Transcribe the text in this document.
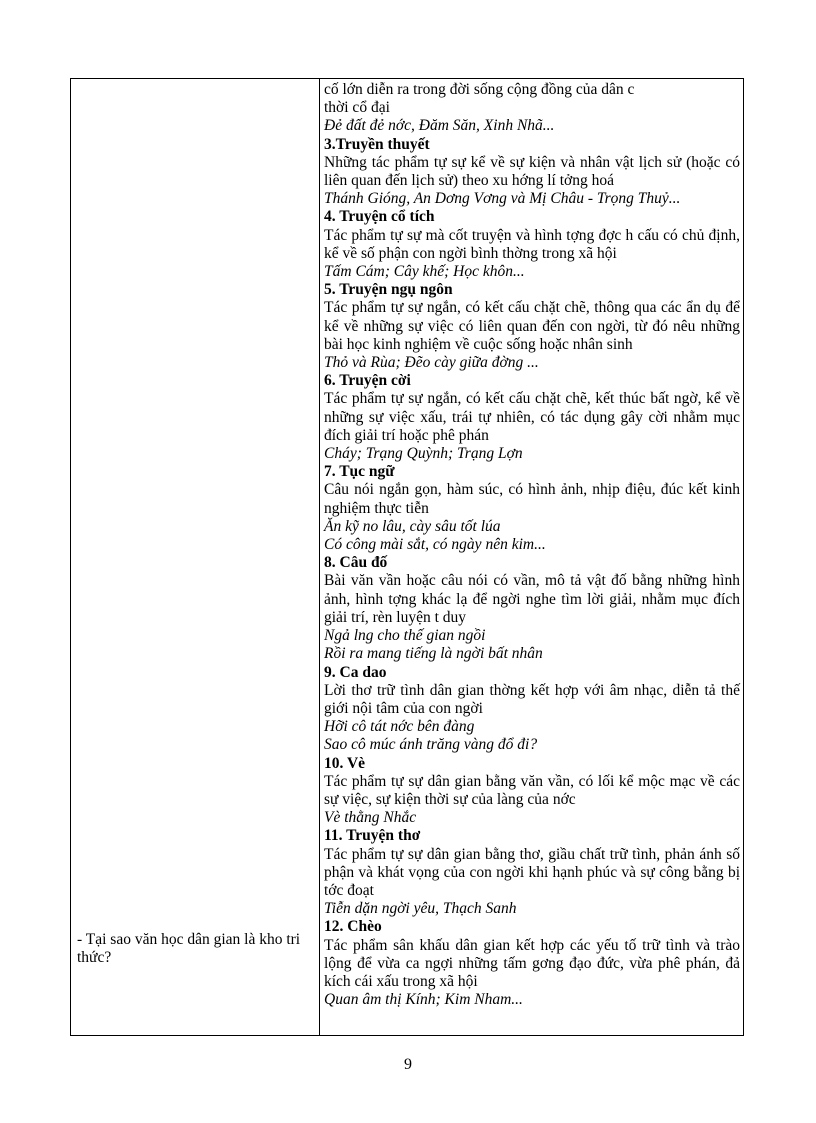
- Tại sao văn học dân gian là kho tri thức?

cố lớn diễn ra trong đời sống cộng đồng của dân c

thời cổ đại

Đẻ đất đẻ nớc, Đăm Săn, Xinh Nhã...

3.Truyền thuyết

Những tác phẩm tự sự kể về sự kiện và nhân vật lịch sử (hoặc có liên quan đến lịch sử) theo xu hớng lí tởng hoá

Thánh Gióng, An Dơng Vơng và Mị Châu - Trọng Thuỷ...

4. Truyện cổ tích

Tác phẩm tự sự mà cốt truyện và hình tợng đợc h cấu có chủ định, kể về số phận con ngời bình thờng trong xã hội

Tấm Cám; Cây khế; Học khôn...

5. Truyện ngụ ngôn

Tác phẩm tự sự ngắn, có kết cấu chặt chẽ, thông qua các ẩn dụ để kể về những sự việc có liên quan đến con ngời, từ đó nêu những bài học kinh nghiệm về cuộc sống hoặc nhân sinh

Thỏ và Rùa; Đẽo cày giữa đờng ...

6. Truyện cời

Tác phẩm tự sự ngắn, có kết cấu chặt chẽ, kết thúc bất ngờ, kể về những sự việc xấu, trái tự nhiên, có tác dụng gây cời nhằm mục đích giải trí hoặc phê phán

Cháy; Trạng Quỳnh; Trạng Lợn

7. Tục ngữ

Câu nói ngắn gọn, hàm súc, có hình ảnh, nhịp điệu, đúc kết kinh nghiệm thực tiễn

Ăn kỹ no lâu, cày sâu tốt lúa

Có công mài sắt, có ngày nên kim...

8. Câu đố

Bài văn vần hoặc câu nói có vần, mô tả vật đố bằng những hình ảnh, hình tợng khác lạ để ngời nghe tìm lời giải, nhằm mục đích giải trí, rèn luyện t duy

Ngả lng cho thế gian ngồi

Rồi ra mang tiếng là ngời bất nhân

9. Ca dao

Lời thơ trữ tình dân gian thờng kết hợp với âm nhạc, diễn tả thế giới nội tâm của con ngời

Hỡi cô tát nớc bên đàng

Sao cô múc ánh trăng vàng đổ đi?

10. Vè

Tác phẩm tự sự dân gian bằng văn vần, có lối kể mộc mạc về các sự việc, sự kiện thời sự của làng của nớc

Vè thằng Nhắc

11. Truyện thơ

Tác phẩm tự sự dân gian bằng thơ, giầu chất trữ tình, phản ánh số phận và khát vọng của con ngời khi hạnh phúc và sự công bằng bị tớc đoạt

Tiễn dặn ngời yêu, Thạch Sanh

12. Chèo

Tác phẩm sân khấu dân gian kết hợp các yếu tố trữ tình và trào lộng để vừa ca ngợi những tấm gơng đạo đức, vừa phê phán, đả kích cái xấu trong xã hội

Quan âm thị Kính; Kim Nham...

9
